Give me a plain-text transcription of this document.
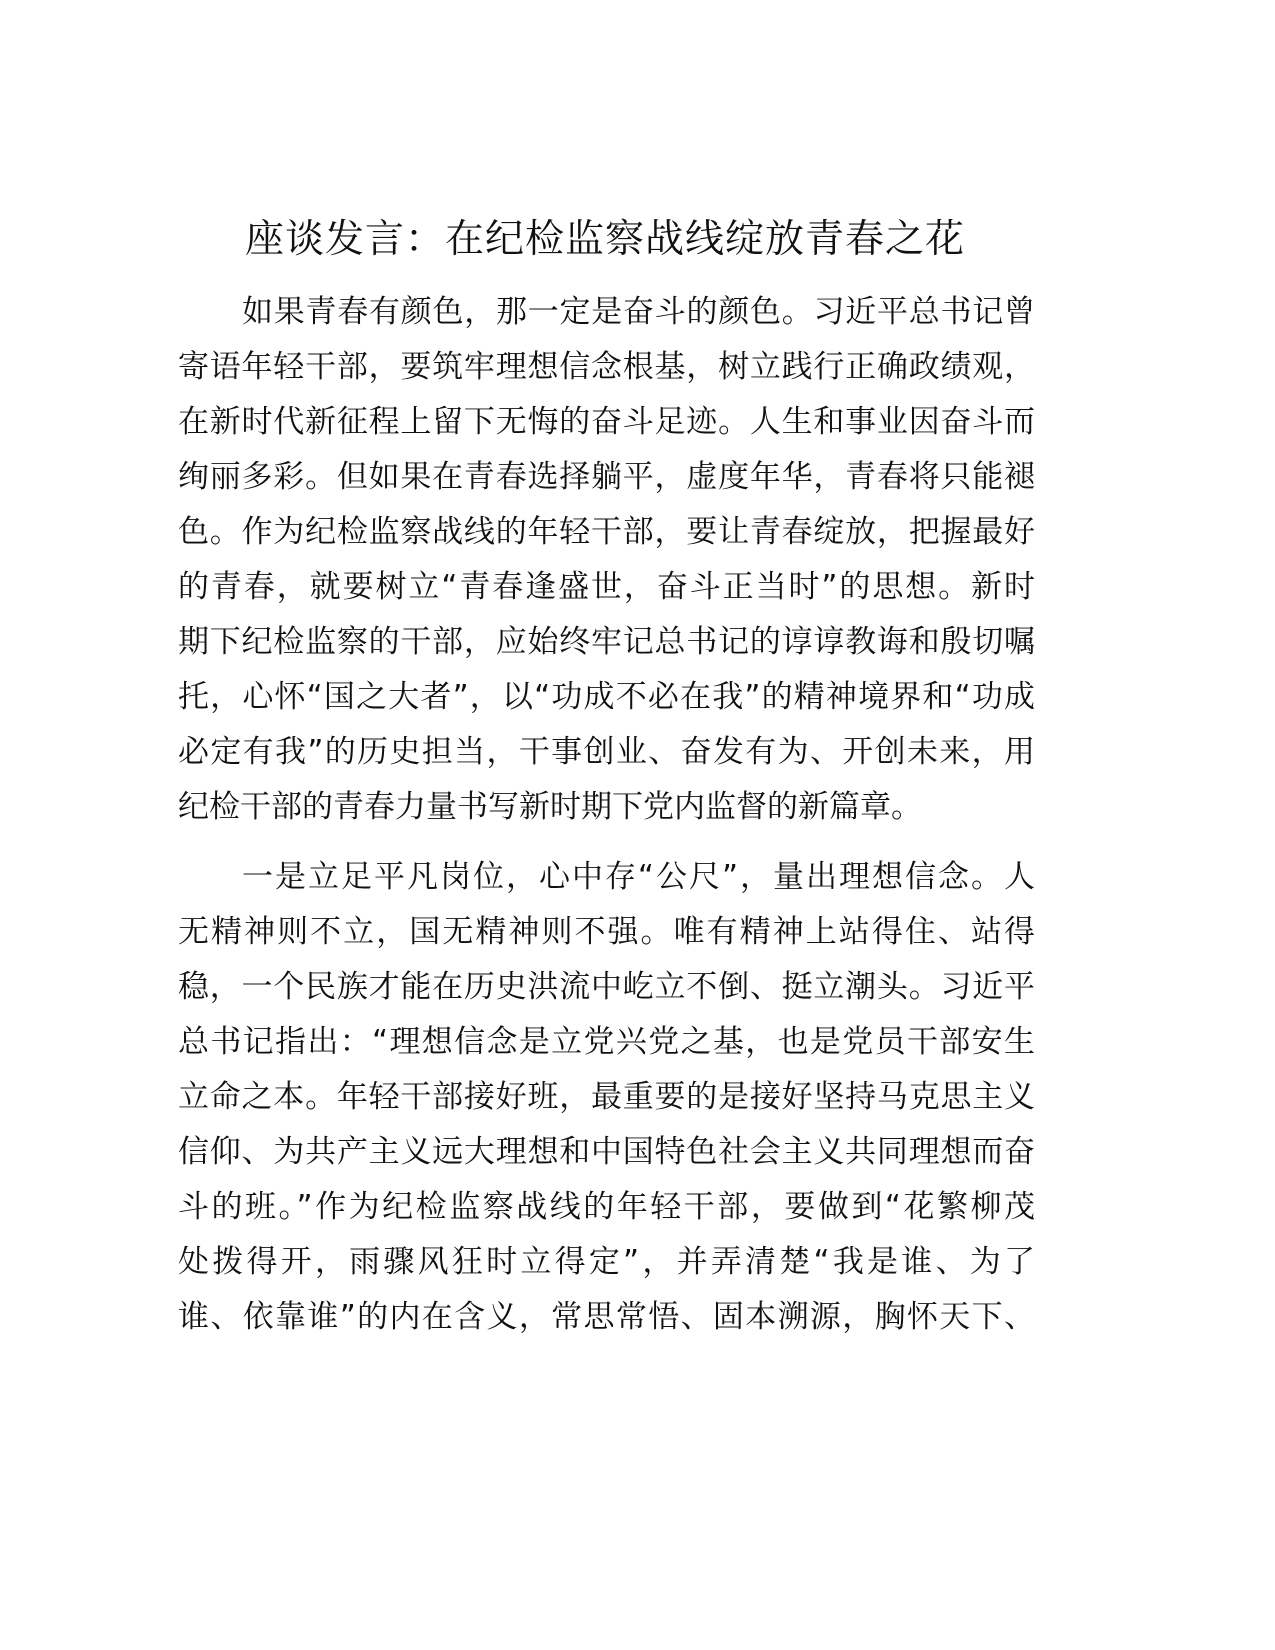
座谈发言：在纪检监察战线绽放青春之花
如果青春有颜色，那一定是奋斗的颜色。习近平总书记曾
寄语年轻干部，要筑牢理想信念根基，树立践行正确政绩观，
在新时代新征程上留下无悔的奋斗足迹。人生和事业因奋斗而
绚丽多彩。但如果在青春选择躺平，虚度年华，青春将只能褪
色。作为纪检监察战线的年轻干部，要让青春绽放，把握最好
的青春，就要树立“青春逢盛世，奋斗正当时”的思想。新时
期下纪检监察的干部，应始终牢记总书记的谆谆教诲和殷切嘱
托，心怀“国之大者”，以“功成不必在我”的精神境界和“功成
必定有我”的历史担当，干事创业、奋发有为、开创未来，用
纪检干部的青春力量书写新时期下党内监督的新篇章。
一是立足平凡岗位，心中存“公尺”，量出理想信念。人
无精神则不立，国无精神则不强。唯有精神上站得住、站得
稳，一个民族才能在历史洪流中屹立不倒、挺立潮头。习近平
总书记指出：“理想信念是立党兴党之基，也是党员干部安生
立命之本。年轻干部接好班，最重要的是接好坚持马克思主义
信仰、为共产主义远大理想和中国特色社会主义共同理想而奋
斗的班。”作为纪检监察战线的年轻干部，要做到“花繁柳茂
处拨得开，雨骤风狂时立得定”，并弄清楚“我是谁、为了
谁、依靠谁”的内在含义，常思常悟、固本溯源，胸怀天下、
